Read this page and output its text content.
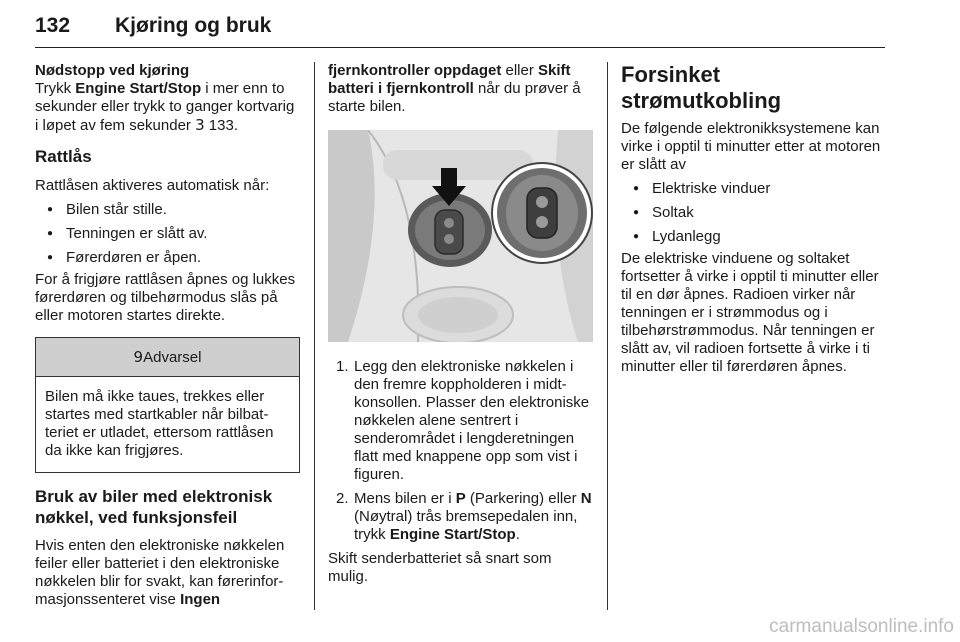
132 Kjøring og bruk

Nødstopp ved kjøring

Trykk Engine Start/Stop i mer enn to sekunder eller trykk to ganger kortvarig i løpet av fem sekunder 3 133.

Rattlås

Rattlåsen aktiveres automatisk når:

● Bilen står stille.
● Tenningen er slått av.
● Førerdøren er åpen.

For å frigjøre rattlåsen åpnes og lukkes førerdøren og tilbehørmodus slås på eller motoren startes direkte.

9Advarsel
Bilen må ikke taues, trekkes eller startes med startkabler når bilbatteriet er utladet, ettersom rattlåsen da ikke kan frigjøres.

Bruk av biler med elektronisk nøkkel, ved funksjonsfeil

Hvis enten den elektroniske nøkkelen feiler eller batteriet i den elektroniske nøkkelen blir for svakt, kan førerinformasjonssenteret vise Ingen

fjernkontroller oppdaget eller Skift batteri i fjernkontroll når du prøver å starte bilen.

1. Legg den elektroniske nøkkelen i den fremre koppholderen i midtkonsollen. Plasser den elektroniske nøkkelen alene sentrert i senderområdet i lengderetningen flatt med knappene opp som vist i figuren.
2. Mens bilen er i P (Parkering) eller N (Nøytral) trås bremsepedalen inn, trykk Engine Start/Stop.

Skift senderbatteriet så snart som mulig.

Forsinket strømutkobling

De følgende elektronikksystemene kan virke i opptil ti minutter etter at motoren er slått av

● Elektriske vinduer
● Soltak
● Lydanlegg

De elektriske vinduene og soltaket fortsetter å virke i opptil ti minutter eller til en dør åpnes. Radioen virker når tenningen er i strømmodus og i tilbehørstrømmodus. Når tenningen er slått av, vil radioen fortsette å virke i ti minutter eller til førerdøren åpnes.

carmanualsonline.info
